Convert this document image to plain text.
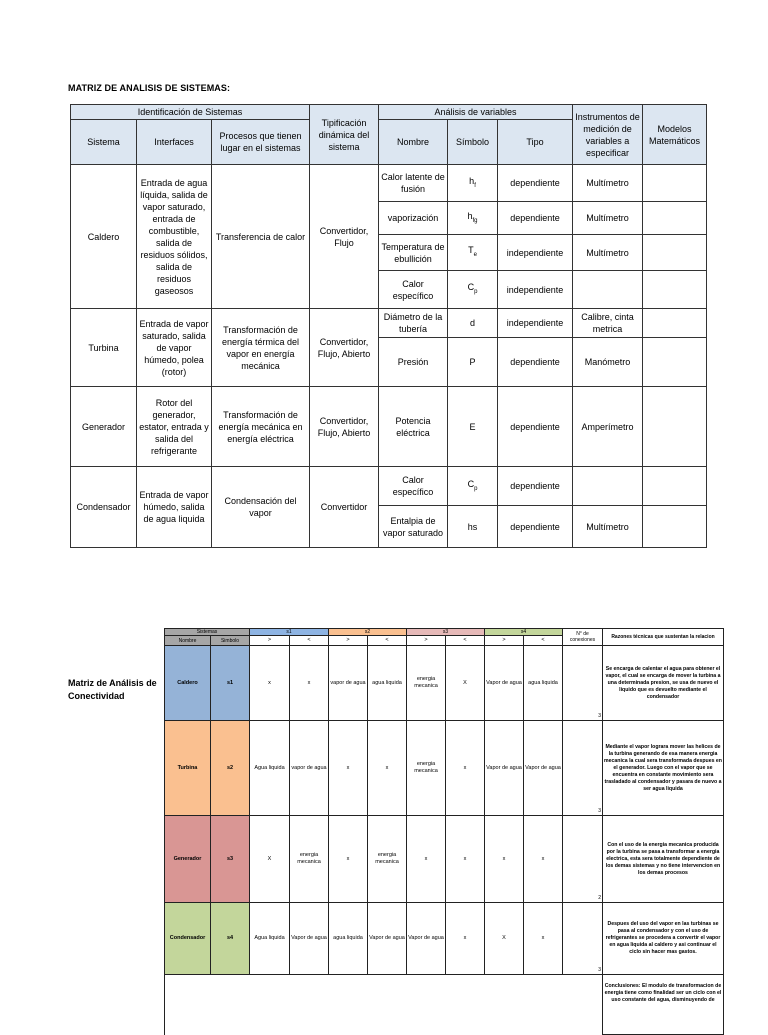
MATRIZ DE ANALISIS DE SISTEMAS:
Identificación de Sistemas			Tipificación dinámica del sistema	Análisis de variables			Instrumentos de medición de variables a especificar	Modelos Matemáticos
Sistema	Interfaces	Procesos que tienen lugar en el sistemas		Nombre	Símbolo	Tipo		
Caldero	Entrada de agua líquida, salida de vapor saturado, entrada de combustible, salida de residuos sólidos, salida de residuos gaseosos	Transferencia de calor	Convertidor, Flujo	Calor latente de fusión	$h_f$	dependiente	Multímetro	
				vaporización	$h_{fg}$	dependiente	Multímetro	
				Temperatura de ebullición	$T_e$	independiente	Multímetro	
				Calor específico	$C_p$	independiente		
Turbina	Entrada de vapor saturado, salida de vapor húmedo, polea (rotor)	Transformación de energía térmica del vapor en energía mecánica	Convertidor, Flujo, Abierto	Diámetro de la tubería	d	independiente	Calibre, cinta metrica	
				Presión	P	dependiente	Manómetro	
Generador	Rotor del generador, estator, entrada y salida del refrigerante	Transformación de energía mecánica en energía eléctrica	Convertidor, Flujo, Abierto	Potencia eléctrica	E	dependiente	Amperímetro	
Condensador	Entrada de vapor húmedo, salida de agua liquida	Condensación del vapor	Convertidor	Calor específico	$C_p$	dependiente		
				Entalpia de vapor saturado	hs	dependiente	Multímetro	
Matriz de Análisis de Conectividad
Sistemas		s1		s2		s3		s4		N° de conexiones	Razones técnicas que sustentan la relacion
Nombre	Simbolo	>	<	>	<	>	<	>	<		
Caldero	s1	x	x	vapor de agua	agua liquida	energia mecanica	X	Vapor de agua	agua liquida	3	Se encarga de calentar el agua para obtener el vapor, el cual se encarga de mover la turbina a una determinada presion, se usa de nuevo el liquido que es devuelto mediante el condensador
Turbina	s2	Agua liquida	vapor de agua	x	x	energia mecanica	x	Vapor de agua	Vapor de agua	3	Mediante el vapor lograra mover las helices de la turbina generando de esa manera energia mecanica la cual sera transformada despues en el generador. Luego con el vapor que se encuentra en constante movimiento sera trasladado al condensador y pasara de nuevo a ser agua liquida
Generador	s3	X	energia mecanica	x	energia mecanica	x	x	x	x	2	Con el uso de la energia mecanica producida por la turbina se pasa a transformar a energia electrica, esta sera totalmente dependiente de los demas sistemas y no tiene intervencion en los demas procesos
Condensador	s4	Agua liquida	Vapor de agua	agua liquida	Vapor de agua	Vapor de agua	x	X	x	3	Despues del uso del vapor en las turbinas se pasa al condensador y con el uso de refrigerantes se procedera a convertir el vapor en agua liquida al caldero y asi continuar el ciclo sin hacer mas gastos.
											Conclusiones: El modulo de transformacion de energia tiene como finalidad ser un ciclo con el uso constante del agua, disminuyendo de
